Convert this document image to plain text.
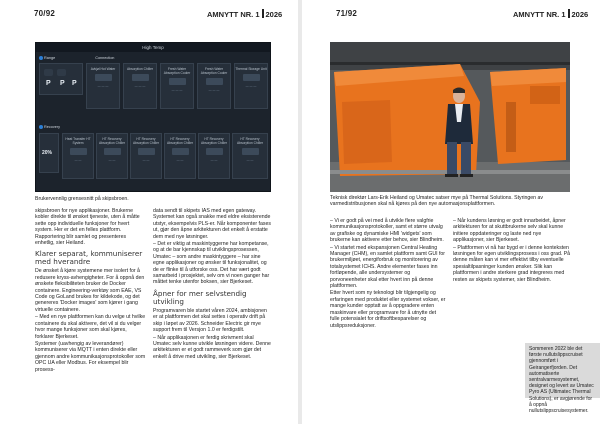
70/92	AMNYTT NR. 1 2026
High Temp
Range	Connection
P P P
Avkjøl Hot Water
— — —
Absorption Chiller
— — —
Fresh Water Absorption Cooler
— — —
Fresh Water Absorption Cooler
— — —
Thermal Storage Unit
— — —
Recovery
20%
Heat Transfer HT System
— —
HT Recovery Absorption Chiller
— —
HT Recovery Absorption Chiller
— —
HT Recovery Absorption Chiller
— —
HT Recovery Absorption Chiller
— —
HT Recovery Absorption Chiller
— —
Brukervennlig grensesnitt på skipsbroen.

skipsbroen for nye applikasjoner. Brukerne kobler direkte til ønsket tjeneste, uten å måtte sette opp individuelle funksjoner for hvert system. Her er det en felles plattform. Rapportering blir samlet og presenteres enhetlig, sier Heiland.

Klarer separat, kommuniserer med hverandre

De ønsket å kjøre systemene mer isolert for å redusere kryss-avhengigheter. For å oppnå den ønskete fleksibiliteten bruker de Docker containere. Engineering-verktøy som EAE, VS Code og GoLand brukes for kildekode, og det genereres 'Docker images' som kjører i gang virtuelle containere.

– Med en nye plattformen kan du velge ut hvilke containere du skal aktivere, det vil si du velger hvor mange funksjoner som skal kjøres, forklarer Bjerkeset.

Systemer (uavhengig av leverandører) kommuniserer via MQTT i enten direkte eller gjennom andre kommunikasjonsprotokoller som OPC UA eller Modbus. For eksempel blir prosess-

data sendt til skipets IAS med egen gateway. Systemet kan også snakke med eldre eksisterende utstyr, eksempelvis PLS-er. Når komponenter fases ut, gjør den åpne arkitekturen det enkelt å erstatte dem med nye løsninger.

– Det er viktig at maskintyggerne har kompetanse, og at de bar kjennskap til utviklingsprosessen, Umatec – som andre maskintyggere – har sine egne applikasjoner og ønsker til funksjonalitet, og de er flinke til å utforske oss. Det har vært godt samarbeid i prosjektet, selv om vi noen ganger har måttet tenke utenfor boksen, sier Bjerkeset.

Åpner for mer selvstendig utvikling

Programvaren ble startet våren 2024, ambisjonen er at plattformen det skal settes i operativ drift på skip i løpet av 2026. Schneider Electric gir mye support frem til Versjon 1.0 er ferdigstilt.

– Når applikasjonen er ferdig skrivment skal Umatec selv kunne utvikle løsningen videre. Denne arkitekturen er et godt rammeverk som gjør det enkelt å drive med utvikling, sier Bjerkeset.

71/92	AMNYTT NR. 1 2026
Teknisk direktør Lars-Erik Heiland og Umatec satser mye på Thermal Solutions. Styringen av varmedistribusjonen skal nå kjøres på den nye automasjonsplattformen.

– Vi er godt på vei med å utvikle flere valgfrie kommunikasjonsprotokoller, samt et større utvalg av grafiske og dynamiske HMI 'widgets' som brukerne kan aktivere etter behov, sier Blindheim.

– Vi startet med ekspansjonen Central Heating Manager (CHM), en samlet plattform samt GUI for brukermiljøet, energiforbruk og monitorering av totalsystemet ICHS. Andre elementer fases inn fortløpende, alle undersystemer og porvoneenheter skal etter hvert inn på denne plattformen.

Etter hvert som ny teknologi blir tilgjengelig og erfaringen med produktet eller systemet vokser, er mange kunder opptatt av å oppgradere enten maskinvare eller programvare for å utnytte det fulle potensialet for driftsoftbesparelser og utslippsreduksjoner.

– Når kundens løsning er godt innarbeidet, åpner arkitekturen for at skuttbrukerne selv skal kunne initiere oppdateringer og laste ned nye applikasjoner, sier Bjerkeset.

– Plattformen vi nå har bygd er i denne konteksten løsningen for egen utviklingsprosess i oss grad. På denne måten kan vi mer effektivt tilby eventuelle spesialtilpasninger kunden ønsker. Slik kan plattformen i andre sterkere grad integreres med resten av skipets systemer, sier Blindheim.

Sommeren 2022 ble det første nullutslippscruiset gjennomført i Geirangerfjorden. Det automatiserte sentralvarmesystemet, designet og levert av Umatec Pyro AS (Ultimatec Thermal Solutions), er avgjørende for å oppnå nullutslippscruisesystemer.
